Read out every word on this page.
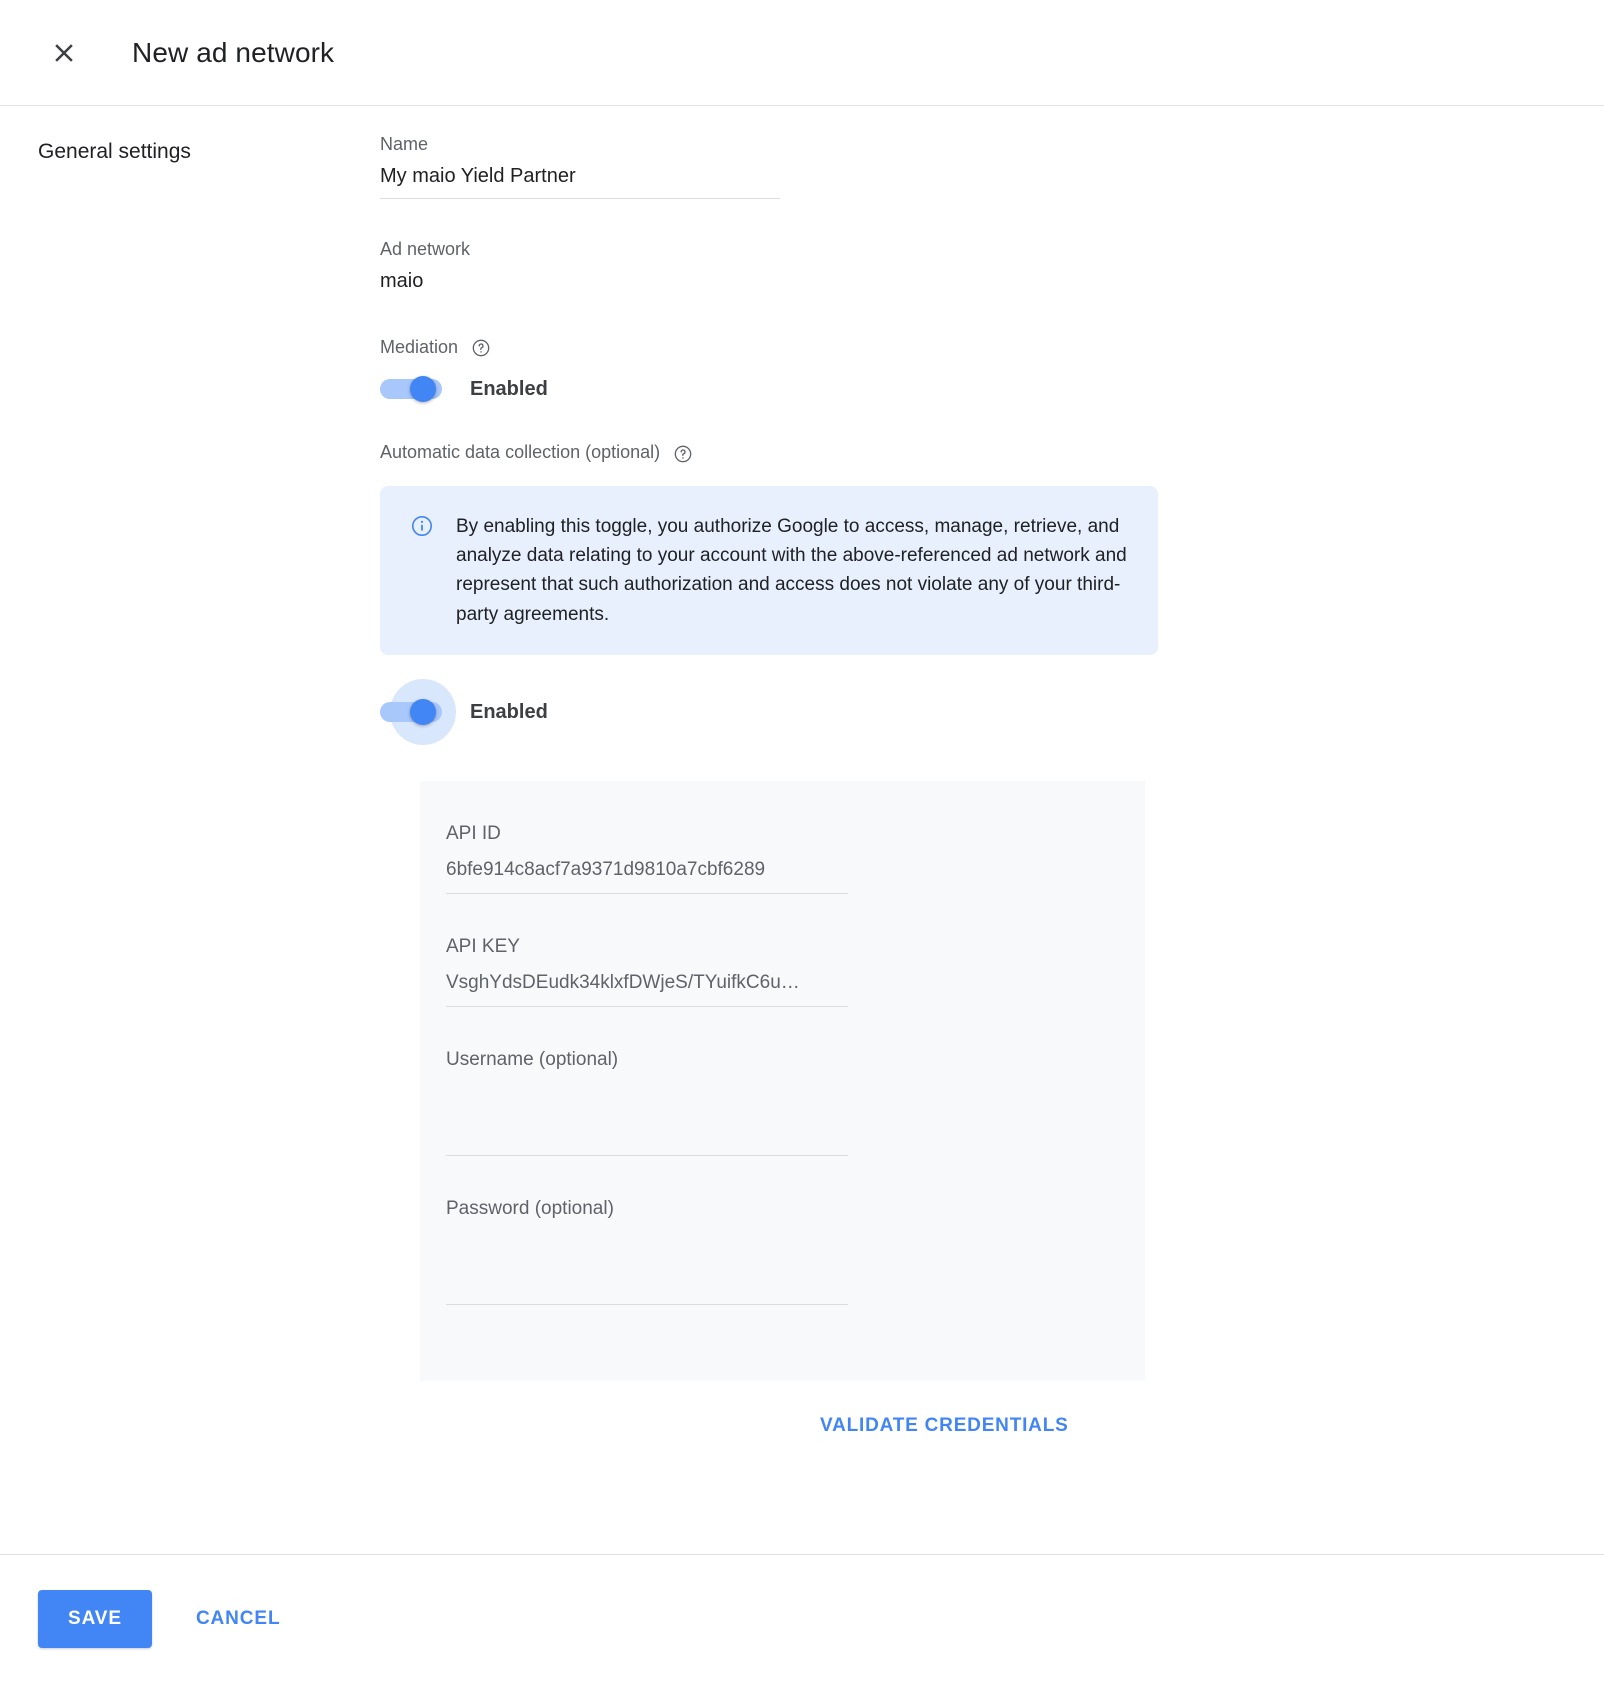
New ad network
General settings	Name
My maio Yield Partner
Ad network
maio
Mediation
Enabled
Automatic data collection (optional)
By enabling this toggle, you authorize Google to access, manage, retrieve, and analyze data relating to your account with the above-referenced ad network and represent that such authorization and access does not violate any of your third-party agreements.
Enabled
API ID
6bfe914c8acf7a9371d9810a7cbf6289
API KEY
VsghYdsDEudk34klxfDWjeS/TYuifkC6u…
Username (optional)
Password (optional)
VALIDATE CREDENTIALS
SAVE	CANCEL
